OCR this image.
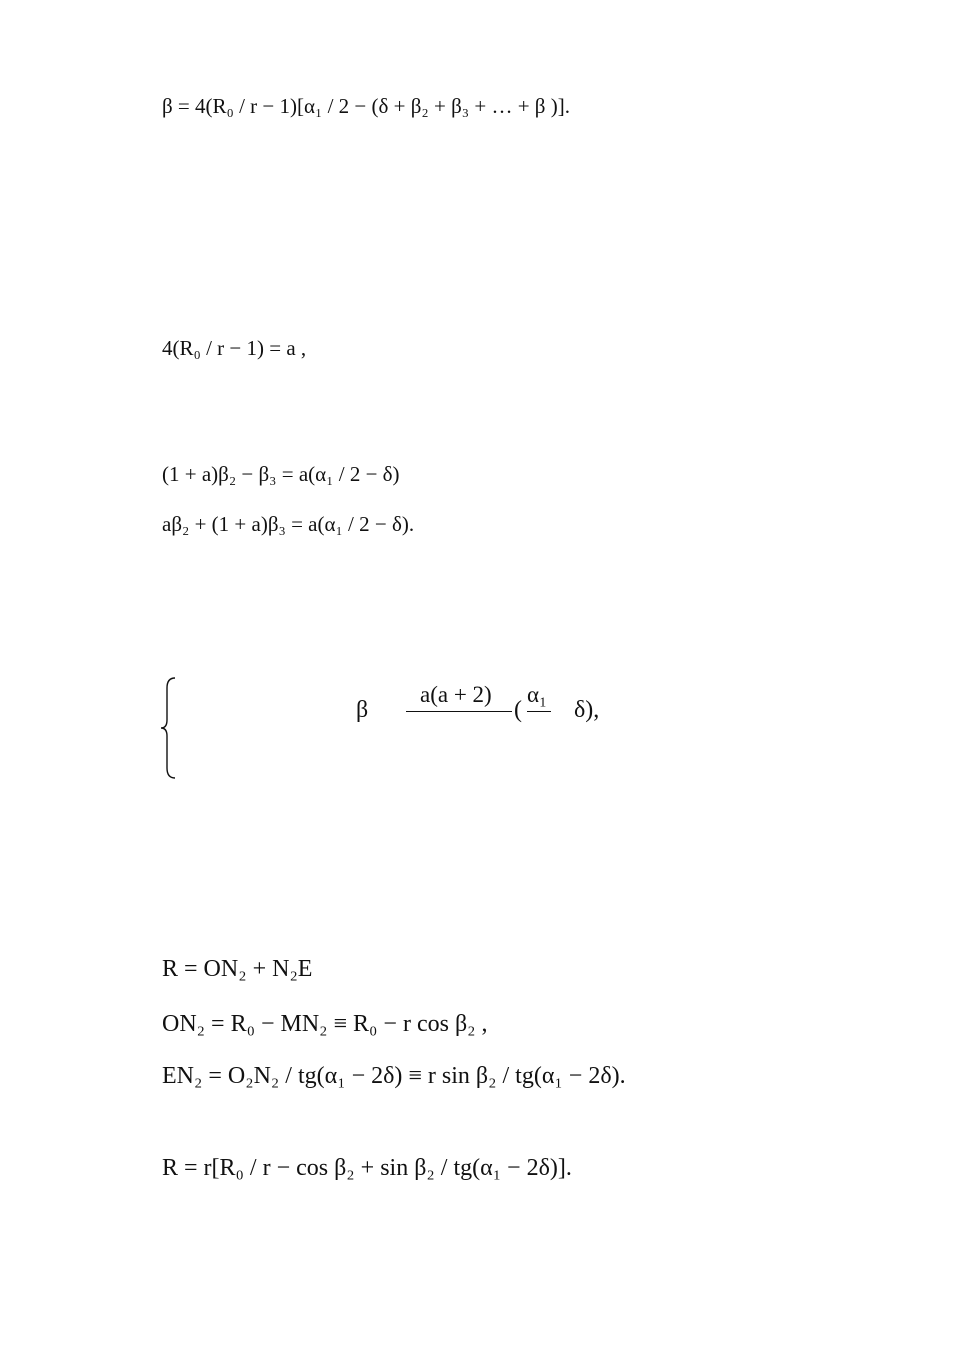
β = 4(R₀ / r − 1)[α₁ / 2 − (δ + β₂ + β₃ + … + β )].
4(R₀ / r − 1) = a ,
(1 + a)β₂ − β₃ = a(α₁ / 2 − δ)
aβ₂ + (1 + a)β₃ = a(α₁ / 2 − δ).
β
a(a + 2)
(
α₁
δ),
R = ON₂ + N₂E
ON₂ = R₀ − MN₂ ≡ R₀ − r cos β₂ ,
EN₂ = O₂N₂ / tg(α₁ − 2δ) ≡ r sin β₂ / tg(α₁ − 2δ).
R = r[R₀ / r − cos β₂ + sin β₂ / tg(α₁ − 2δ)].
